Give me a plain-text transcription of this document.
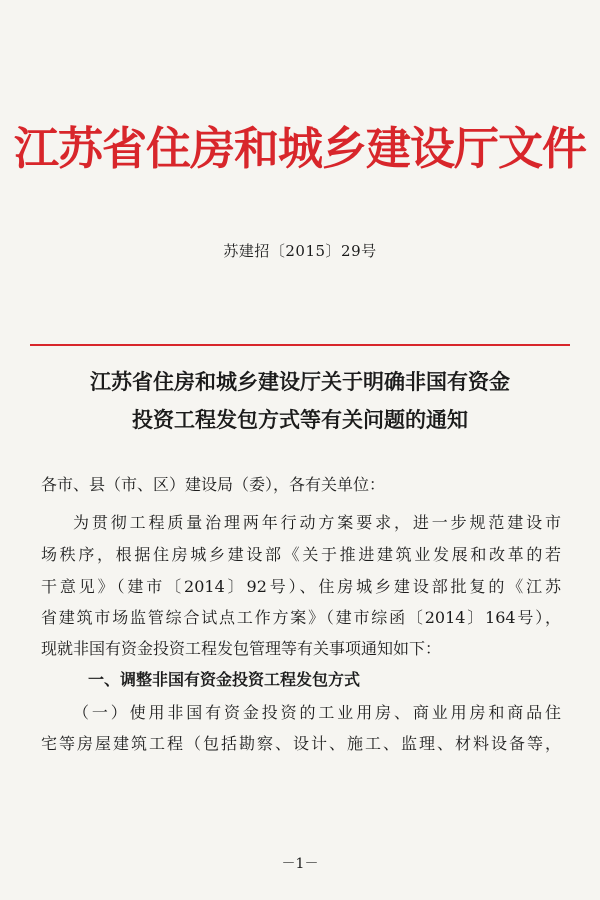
江苏省住房和城乡建设厅文件
苏建招〔2015〕29号
江苏省住房和城乡建设厅关于明确非国有资金
投资工程发包方式等有关问题的通知
各市、县（市、区）建设局（委），各有关单位：
为贯彻工程质量治理两年行动方案要求，进一步规范建设市
场秩序，根据住房城乡建设部《关于推进建筑业发展和改革的若
干意见》（建市〔2014〕92号）、住房城乡建设部批复的《江苏
省建筑市场监管综合试点工作方案》（建市综函〔2014〕164号），
现就非国有资金投资工程发包管理等有关事项通知如下：
一、调整非国有资金投资工程发包方式
（一）使用非国有资金投资的工业用房、商业用房和商品住
宅等房屋建筑工程（包括勘察、设计、施工、监理、材料设备等，
－1－
